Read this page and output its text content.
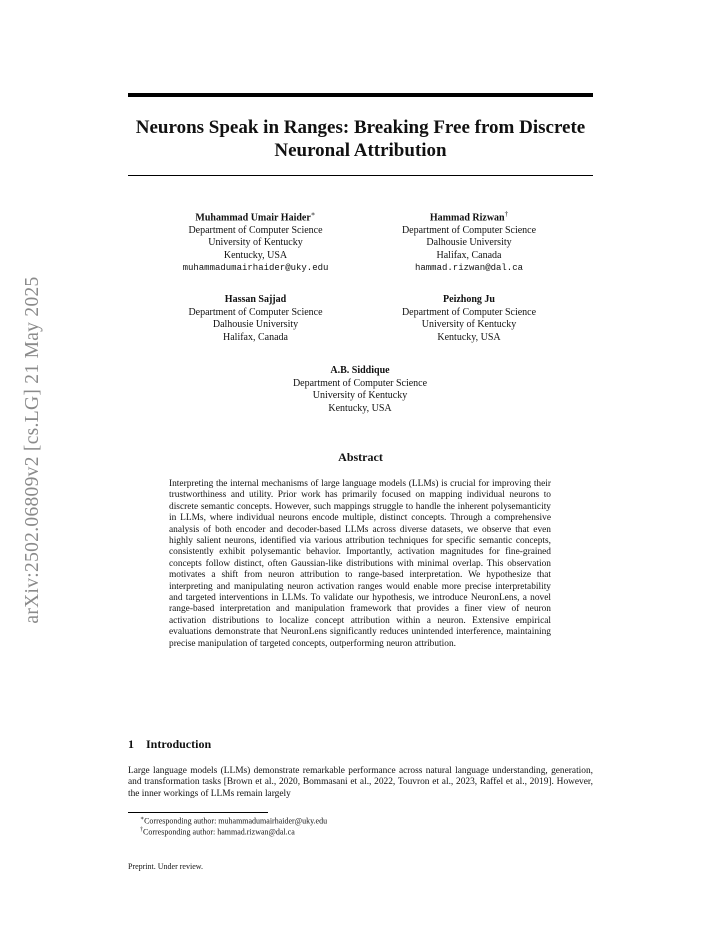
arXiv:2502.06809v2 [cs.LG] 21 May 2025
Neurons Speak in Ranges: Breaking Free from Discrete Neuronal Attribution
Muhammad Umair Haider∗
Department of Computer Science
University of Kentucky
Kentucky, USA
muhammadumairhaider@uky.edu
Hammad Rizwan†
Department of Computer Science
Dalhousie University
Halifax, Canada
hammad.rizwan@dal.ca
Hassan Sajjad
Department of Computer Science
Dalhousie University
Halifax, Canada
Peizhong Ju
Department of Computer Science
University of Kentucky
Kentucky, USA
A.B. Siddique
Department of Computer Science
University of Kentucky
Kentucky, USA
Abstract

Interpreting the internal mechanisms of large language models (LLMs) is crucial for improving their trustworthiness and utility. Prior work has primarily focused on mapping individual neurons to discrete semantic concepts. However, such mappings struggle to handle the inherent polysemanticity in LLMs, where individual neurons encode multiple, distinct concepts. Through a comprehensive analysis of both encoder and decoder-based LLMs across diverse datasets, we observe that even highly salient neurons, identified via various attribution techniques for specific semantic concepts, consistently exhibit polysemantic behavior. Importantly, activation magnitudes for fine-grained concepts follow distinct, often Gaussian-like distributions with minimal overlap. This observation motivates a shift from neuron attribution to range-based interpretation. We hypothesize that interpreting and manipulating neuron activation ranges would enable more precise interpretability and targeted interventions in LLMs. To validate our hypothesis, we introduce NeuronLens, a novel range-based interpretation and manipulation framework that provides a finer view of neuron activation distributions to localize concept attribution within a neuron. Extensive empirical evaluations demonstrate that NeuronLens significantly reduces unintended interference, maintaining precise manipulation of targeted concepts, outperforming neuron attribution.

1 Introduction

Large language models (LLMs) demonstrate remarkable performance across natural language understanding, generation, and transformation tasks [Brown et al., 2020, Bommasani et al., 2022, Touvron et al., 2023, Raffel et al., 2019]. However, the inner workings of LLMs remain largely

∗Corresponding author: muhammadumairhaider@uky.edu
†Corresponding author: hammad.rizwan@dal.ca
Preprint. Under review.
